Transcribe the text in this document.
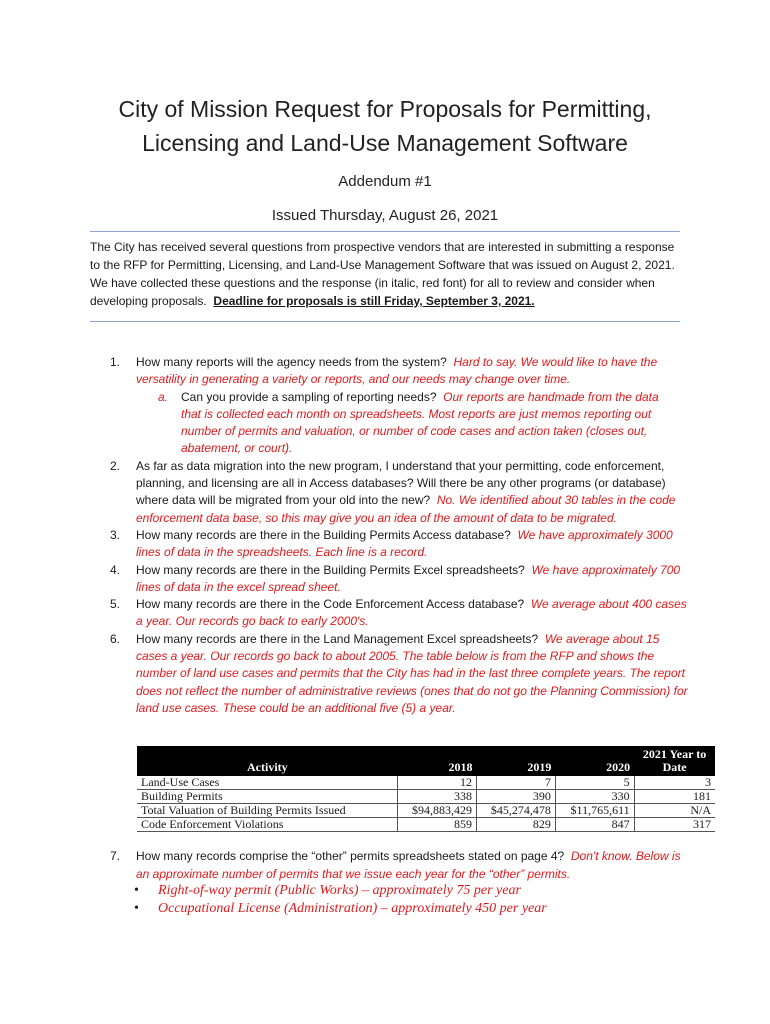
City of Mission Request for Proposals for Permitting,
Licensing and Land-Use Management Software
Addendum #1
Issued Thursday, August 26, 2021
The City has received several questions from prospective vendors that are interested in submitting a response to the RFP for Permitting, Licensing, and Land-Use Management Software that was issued on August 2, 2021. We have collected these questions and the response (in italic, red font) for all to review and consider when developing proposals. Deadline for proposals is still Friday, September 3, 2021.
1. How many reports will the agency needs from the system? Hard to say. We would like to have the versatility in generating a variety or reports, and our needs may change over time.
a. Can you provide a sampling of reporting needs? Our reports are handmade from the data that is collected each month on spreadsheets. Most reports are just memos reporting out number of permits and valuation, or number of code cases and action taken (closes out, abatement, or court).
2. As far as data migration into the new program, I understand that your permitting, code enforcement, planning, and licensing are all in Access databases? Will there be any other programs (or database) where data will be migrated from your old into the new? No. We identified about 30 tables in the code enforcement data base, so this may give you an idea of the amount of data to be migrated.
3. How many records are there in the Building Permits Access database? We have approximately 3000 lines of data in the spreadsheets. Each line is a record.
4. How many records are there in the Building Permits Excel spreadsheets? We have approximately 700 lines of data in the excel spread sheet.
5. How many records are there in the Code Enforcement Access database? We average about 400 cases a year. Our records go back to early 2000's.
6. How many records are there in the Land Management Excel spreadsheets? We average about 15 cases a year. Our records go back to about 2005. The table below is from the RFP and shows the number of land use cases and permits that the City has had in the last three complete years. The report does not reflect the number of administrative reviews (ones that do not go the Planning Commission) for land use cases. These could be an additional five (5) a year.
Activity	2018	2019	2020	2021 Year to Date
Land-Use Cases	12	7	5	3
Building Permits	338	390	330	181
Total Valuation of Building Permits Issued	$94,883,429	$45,274,478	$11,765,611	N/A
Code Enforcement Violations	859	829	847	317
7. How many records comprise the “other” permits spreadsheets stated on page 4? Don't know. Below is an approximate number of permits that we issue each year for the “other” permits.
• Right-of-way permit (Public Works) – approximately 75 per year
• Occupational License (Administration) – approximately 450 per year
